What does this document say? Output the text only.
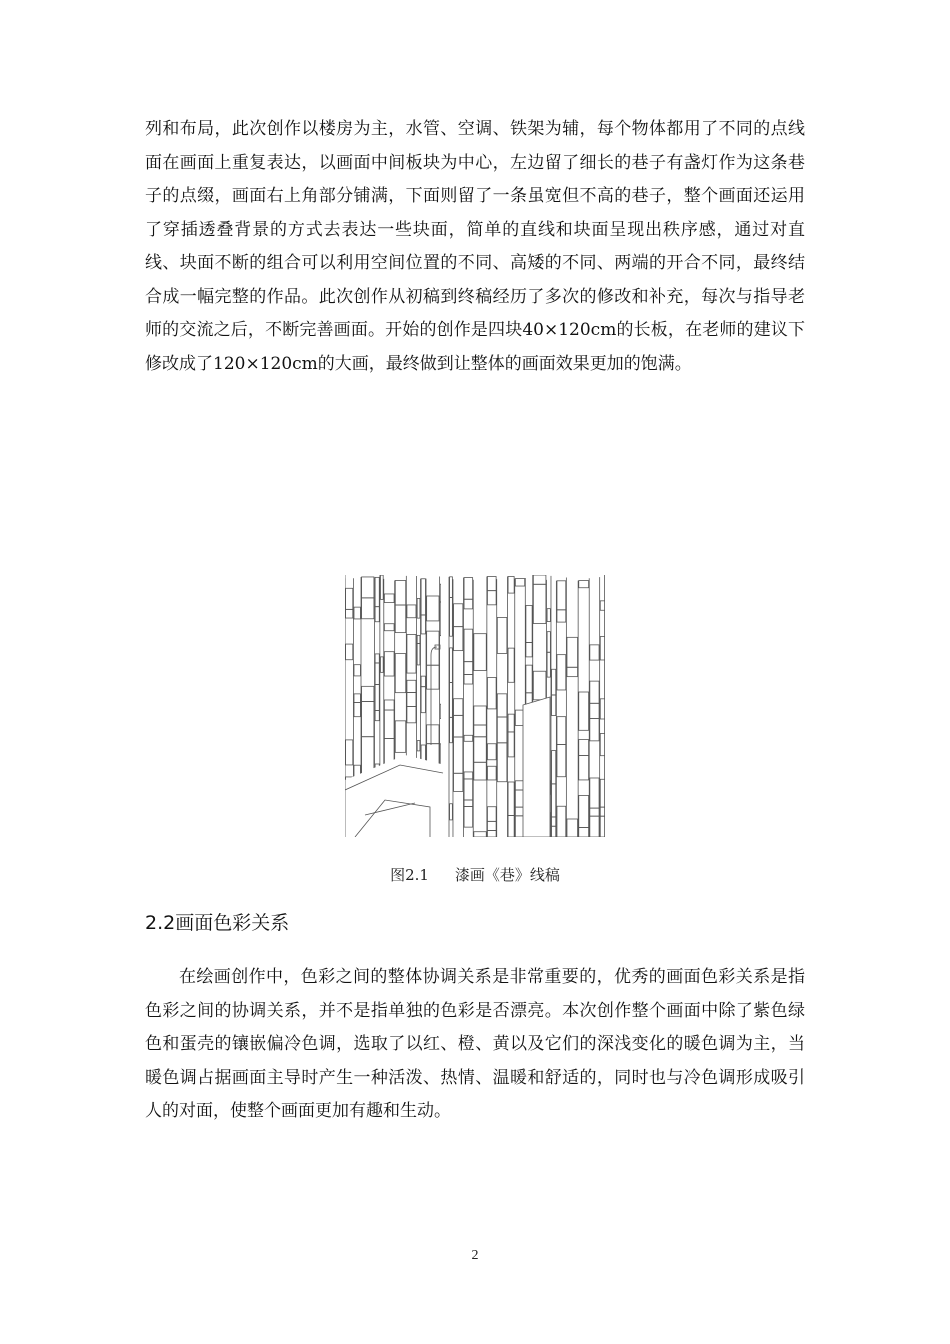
列和布局，此次创作以楼房为主，水管、空调、铁架为辅，每个物体都用了不同的点线面在画面上重复表达，以画面中间板块为中心，左边留了细长的巷子有盏灯作为这条巷子的点缀，画面右上角部分铺满，下面则留了一条虽宽但不高的巷子，整个画面还运用了穿插透叠背景的方式去表达一些块面，简单的直线和块面呈现出秩序感，通过对直线、块面不断的组合可以利用空间位置的不同、高矮的不同、两端的开合不同，最终结合成一幅完整的作品。此次创作从初稿到终稿经历了多次的修改和补充，每次与指导老师的交流之后，不断完善画面。开始的创作是四块40×120cm的长板，在老师的建议下修改成了120×120cm的大画，最终做到让整体的画面效果更加的饱满。

图2.1 漆画《巷》线稿
2.2画面色彩关系

在绘画创作中，色彩之间的整体协调关系是非常重要的，优秀的画面色彩关系是指色彩之间的协调关系，并不是指单独的色彩是否漂亮。本次创作整个画面中除了紫色绿色和蛋壳的镶嵌偏冷色调，选取了以红、橙、黄以及它们的深浅变化的暖色调为主，当暖色调占据画面主导时产生一种活泼、热情、温暖和舒适的，同时也与冷色调形成吸引人的对面，使整个画面更加有趣和生动。

2
